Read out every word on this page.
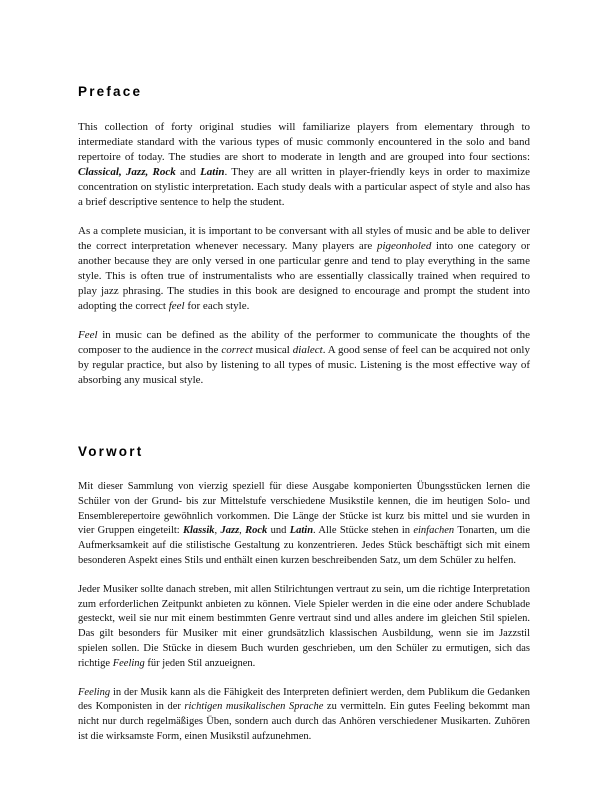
Preface

This collection of forty original studies will familiarize players from elementary through to intermediate standard with the various types of music commonly encountered in the solo and band repertoire of today. The studies are short to moderate in length and are grouped into four sections: Classical, Jazz, Rock and Latin. They are all written in player-friendly keys in order to maximize concentration on stylistic interpretation. Each study deals with a particular aspect of style and also has a brief descriptive sentence to help the student.

As a complete musician, it is important to be conversant with all styles of music and be able to deliver the correct interpretation whenever necessary. Many players are pigeonholed into one category or another because they are only versed in one particular genre and tend to play everything in the same style. This is often true of instrumentalists who are essentially classically trained when required to play jazz phrasing. The studies in this book are designed to encourage and prompt the student into adopting the correct feel for each style.

Feel in music can be defined as the ability of the performer to communicate the thoughts of the composer to the audience in the correct musical dialect. A good sense of feel can be acquired not only by regular practice, but also by listening to all types of music. Listening is the most effective way of absorbing any musical style.

Vorwort

Mit dieser Sammlung von vierzig speziell für diese Ausgabe komponierten Übungsstücken lernen die Schüler von der Grund- bis zur Mittelstufe verschiedene Musikstile kennen, die im heutigen Solo- und Ensemblerepertoire gewöhnlich vorkommen. Die Länge der Stücke ist kurz bis mittel und sie wurden in vier Gruppen eingeteilt: Klassik, Jazz, Rock und Latin. Alle Stücke stehen in einfachen Tonarten, um die Aufmerksamkeit auf die stilistische Gestaltung zu konzentrieren. Jedes Stück beschäftigt sich mit einem besonderen Aspekt eines Stils und enthält einen kurzen beschreibenden Satz, um dem Schüler zu helfen.

Jeder Musiker sollte danach streben, mit allen Stilrichtungen vertraut zu sein, um die richtige Interpretation zum erforderlichen Zeitpunkt anbieten zu können. Viele Spieler werden in die eine oder andere Schublade gesteckt, weil sie nur mit einem bestimmten Genre vertraut sind und alles andere im gleichen Stil spielen. Das gilt besonders für Musiker mit einer grundsätzlich klassischen Ausbildung, wenn sie im Jazzstil spielen sollen. Die Stücke in diesem Buch wurden geschrieben, um den Schüler zu ermutigen, sich das richtige Feeling für jeden Stil anzueignen.

Feeling in der Musik kann als die Fähigkeit des Interpreten definiert werden, dem Publikum die Gedanken des Komponisten in der richtigen musikalischen Sprache zu vermitteln. Ein gutes Feeling bekommt man nicht nur durch regelmäßiges Üben, sondern auch durch das Anhören verschiedener Musikarten. Zuhören ist die wirksamste Form, einen Musikstil aufzunehmen.
